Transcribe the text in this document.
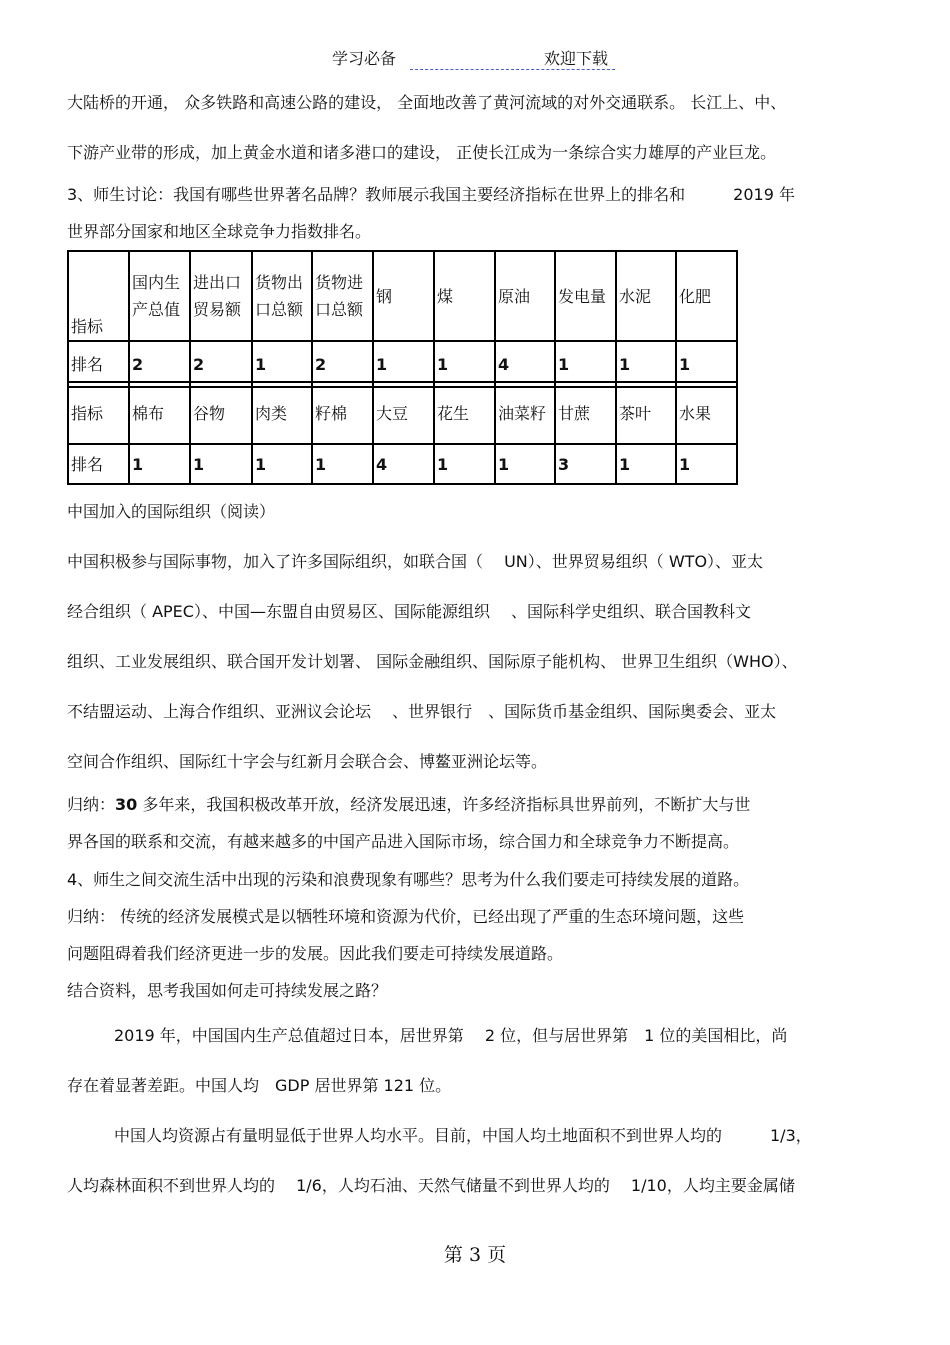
学习必备	欢迎下载
大陆桥的开通， 众多铁路和高速公路的建设， 全面地改善了黄河流域的对外交通联系。 长江上、中、
下游产业带的形成，加上黄金水道和诸多港口的建设， 正使长江成为一条综合实力雄厚的产业巨龙。
3、师生讨论：我国有哪些世界著名品牌？教师展示我国主要经济指标在世界上的排名和　　　2019 年
世界部分国家和地区全球竞争力指数排名。
指标	国内生产总值	进出口贸易额	货物出口总额	货物进口总额	钢	煤	原油	发电量	水泥	化肥
排名	2	2	1	2	1	1	4	1	1	1
指标	棉布	谷物	肉类	籽棉	大豆	花生	油菜籽	甘蔗	茶叶	水果
排名	1	1	1	1	4	1	1	3	1	1
中国加入的国际组织（阅读）
中国积极参与国际事物，加入了许多国际组织，如联合国（　 UN）、世界贸易组织（ WTO）、亚太
经合组织（ APEC）、中国—东盟自由贸易区、国际能源组织　 、国际科学史组织、联合国教科文
组织、工业发展组织、联合国开发计划署、 国际金融组织、国际原子能机构、 世界卫生组织（WHO）、
不结盟运动、上海合作组织、亚洲议会论坛　 、世界银行　、国际货币基金组织、国际奥委会、亚太
空间合作组织、国际红十字会与红新月会联合会、博鳌亚洲论坛等。
归纳：30 多年来，我国积极改革开放，经济发展迅速，许多经济指标具世界前列，不断扩大与世
界各国的联系和交流，有越来越多的中国产品进入国际市场，综合国力和全球竞争力不断提高。
4、师生之间交流生活中出现的污染和浪费现象有哪些？思考为什么我们要走可持续发展的道路。
归纳： 传统的经济发展模式是以牺牲环境和资源为代价，已经出现了严重的生态环境问题，这些
问题阻碍着我们经济更进一步的发展。因此我们要走可持续发展道路。
结合资料，思考我国如何走可持续发展之路？
2019 年，中国国内生产总值超过日本，居世界第　 2 位，但与居世界第　1 位的美国相比，尚
存在着显著差距。中国人均　GDP 居世界第 121 位。
中国人均资源占有量明显低于世界人均水平。目前，中国人均土地面积不到世界人均的　　　1/3，
人均森林面积不到世界人均的　 1/6，人均石油、天然气储量不到世界人均的　 1/10，人均主要金属储
第 3 页
